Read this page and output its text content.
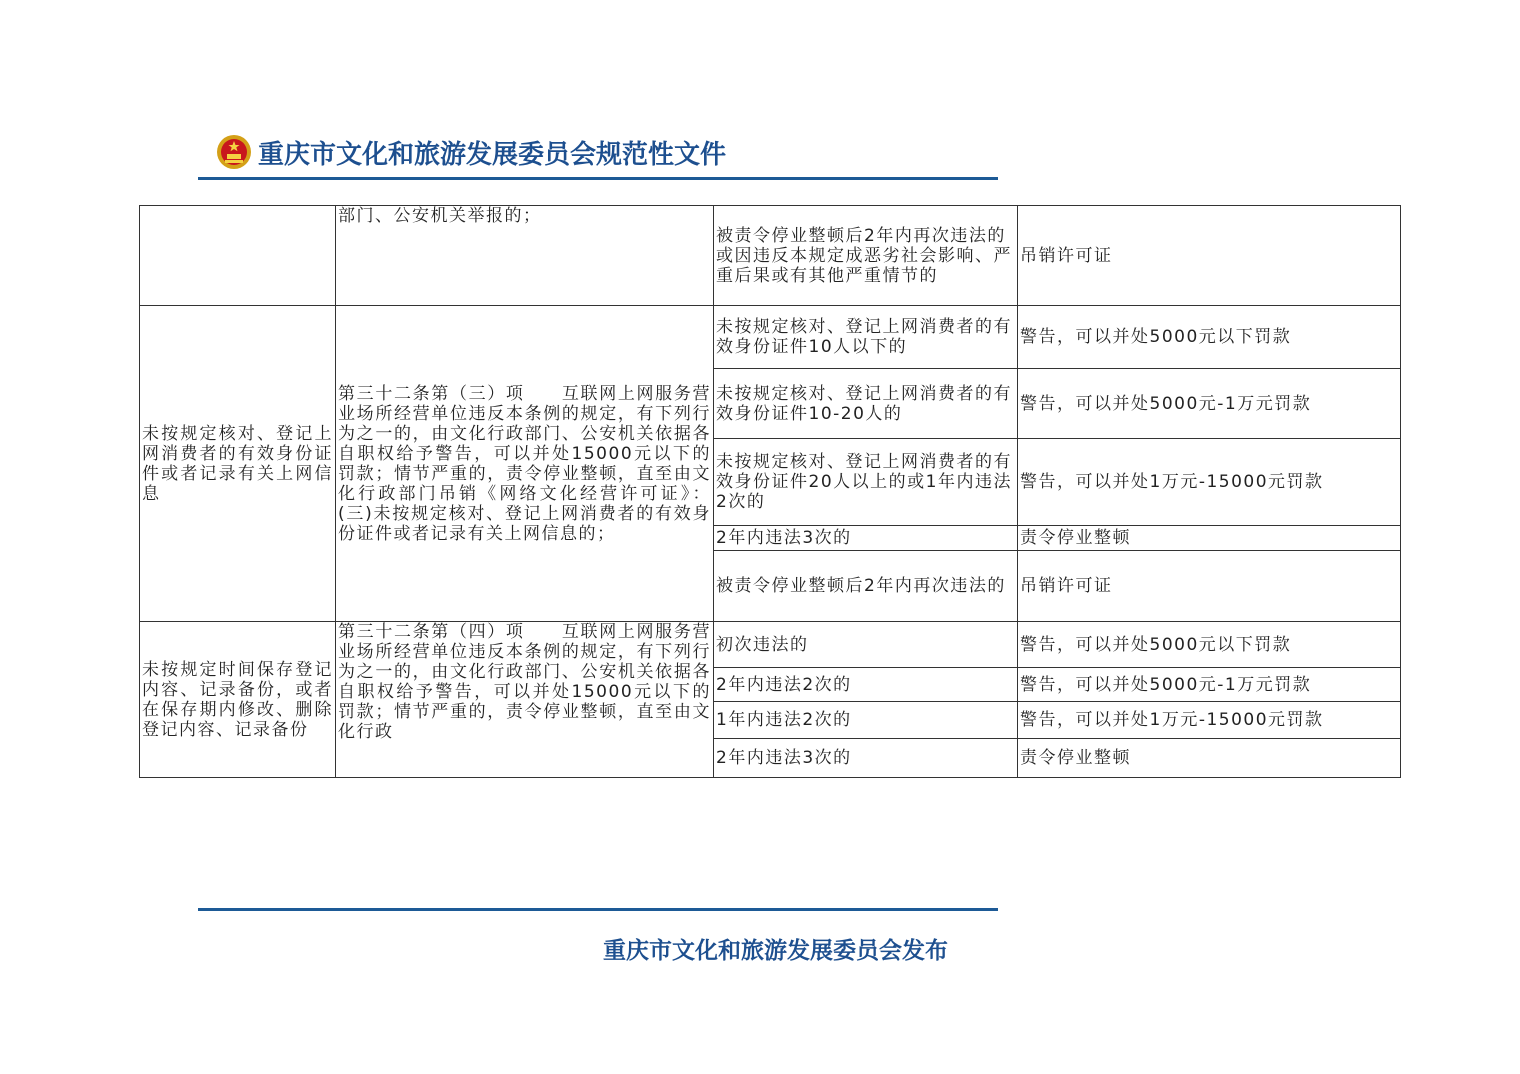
重庆市文化和旅游发展委员会规范性文件
	部门、公安机关举报的；	被责令停业整顿后2年内再次违法的或因违反本规定成恶劣社会影响、严重后果或有其他严重情节的	吊销许可证
未按规定核对、登记上网消费者的有效身份证件或者记录有关上网信息	第三十二条第（三）项　　互联网上网服务营业场所经营单位违反本条例的规定，有下列行为之一的，由文化行政部门、公安机关依据各自职权给予警告，可以并处15000元以下的罚款；情节严重的，责令停业整顿，直至由文化行政部门吊销《网络文化经营许可证》：(三)未按规定核对、登记上网消费者的有效身份证件或者记录有关上网信息的；	未按规定核对、登记上网消费者的有效身份证件10人以下的	警告，可以并处5000元以下罚款
		未按规定核对、登记上网消费者的有效身份证件10-20人的	警告，可以并处5000元-1万元罚款
		未按规定核对、登记上网消费者的有效身份证件20人以上的或1年内违法2次的	警告，可以并处1万元-15000元罚款
		2年内违法3次的	责令停业整顿
		被责令停业整顿后2年内再次违法的	吊销许可证
未按规定时间保存登记内容、记录备份，或者在保存期内修改、删除登记内容、记录备份	第三十二条第（四）项　　互联网上网服务营业场所经营单位违反本条例的规定，有下列行为之一的，由文化行政部门、公安机关依据各自职权给予警告，可以并处15000元以下的罚款；情节严重的，责令停业整顿，直至由文化行政	初次违法的	警告，可以并处5000元以下罚款
		2年内违法2次的	警告，可以并处5000元-1万元罚款
		1年内违法2次的	警告，可以并处1万元-15000元罚款
		2年内违法3次的	责令停业整顿
重庆市文化和旅游发展委员会发布
